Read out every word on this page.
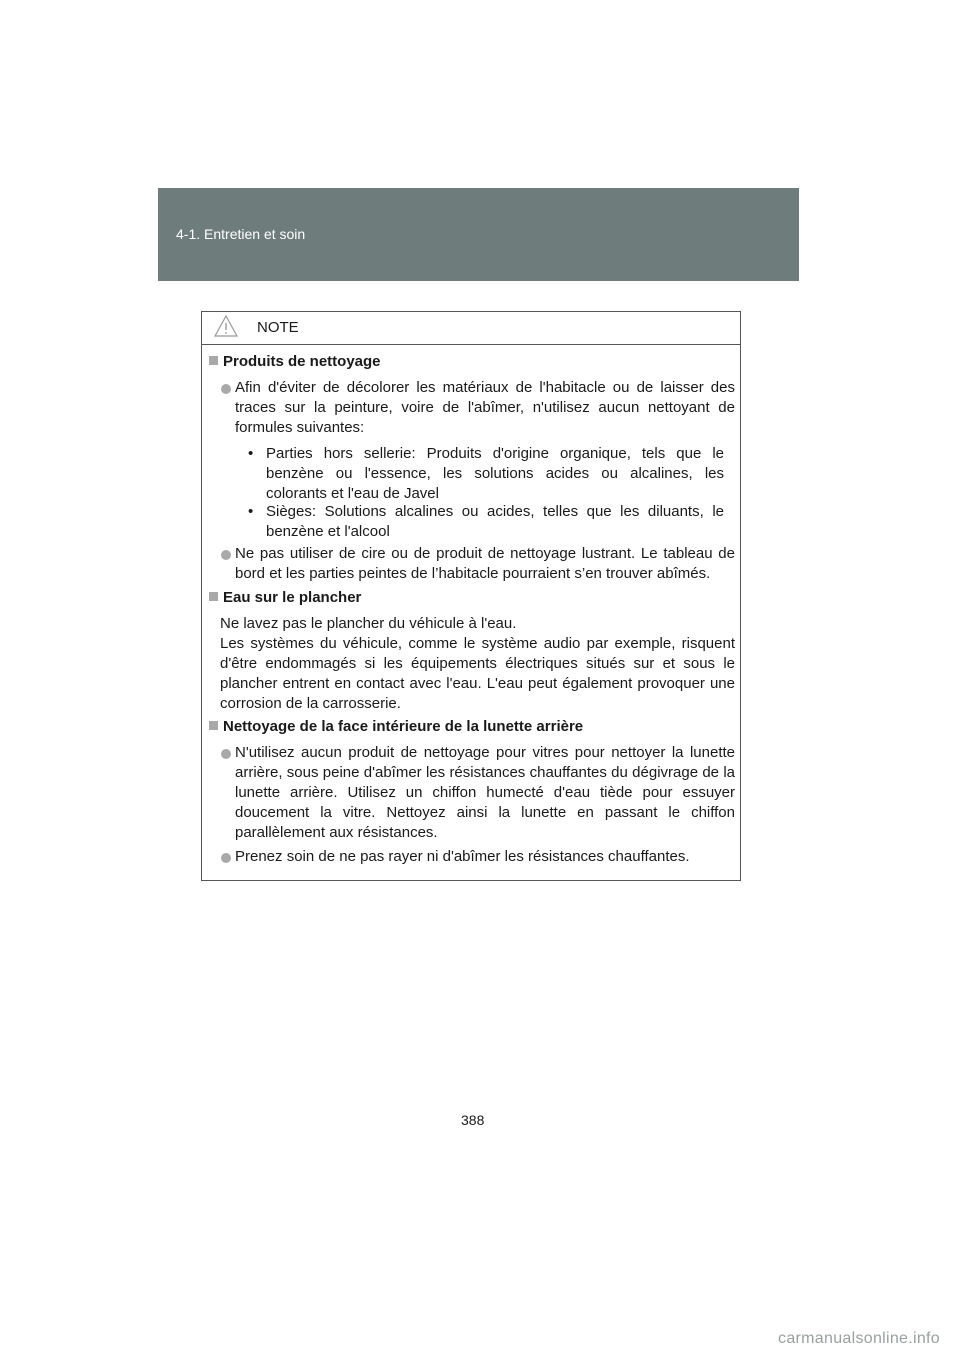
4-1. Entretien et soin
NOTE
Produits de nettoyage
Afin d'éviter de décolorer les matériaux de l'habitacle ou de laisser des traces sur la peinture, voire de l'abîmer, n'utilisez aucun nettoyant de formules suivantes:
• Parties hors sellerie: Produits d'origine organique, tels que le benzène ou l'essence, les solutions acides ou alcalines, les colorants et l'eau de Javel
• Sièges: Solutions alcalines ou acides, telles que les diluants, le benzène et l'alcool
Ne pas utiliser de cire ou de produit de nettoyage lustrant. Le tableau de bord et les parties peintes de l’habitacle pourraient s’en trouver abîmés.
Eau sur le plancher
Ne lavez pas le plancher du véhicule à l'eau.
Les systèmes du véhicule, comme le système audio par exemple, risquent d'être endommagés si les équipements électriques situés sur et sous le plancher entrent en contact avec l'eau. L'eau peut également provoquer une corrosion de la carrosserie.
Nettoyage de la face intérieure de la lunette arrière
N'utilisez aucun produit de nettoyage pour vitres pour nettoyer la lunette arrière, sous peine d'abîmer les résistances chauffantes du dégivrage de la lunette arrière. Utilisez un chiffon humecté d'eau tiède pour essuyer doucement la vitre. Nettoyez ainsi la lunette en passant le chiffon parallèlement aux résistances.
Prenez soin de ne pas rayer ni d'abîmer les résistances chauffantes.
388
carmanualsonline.info
